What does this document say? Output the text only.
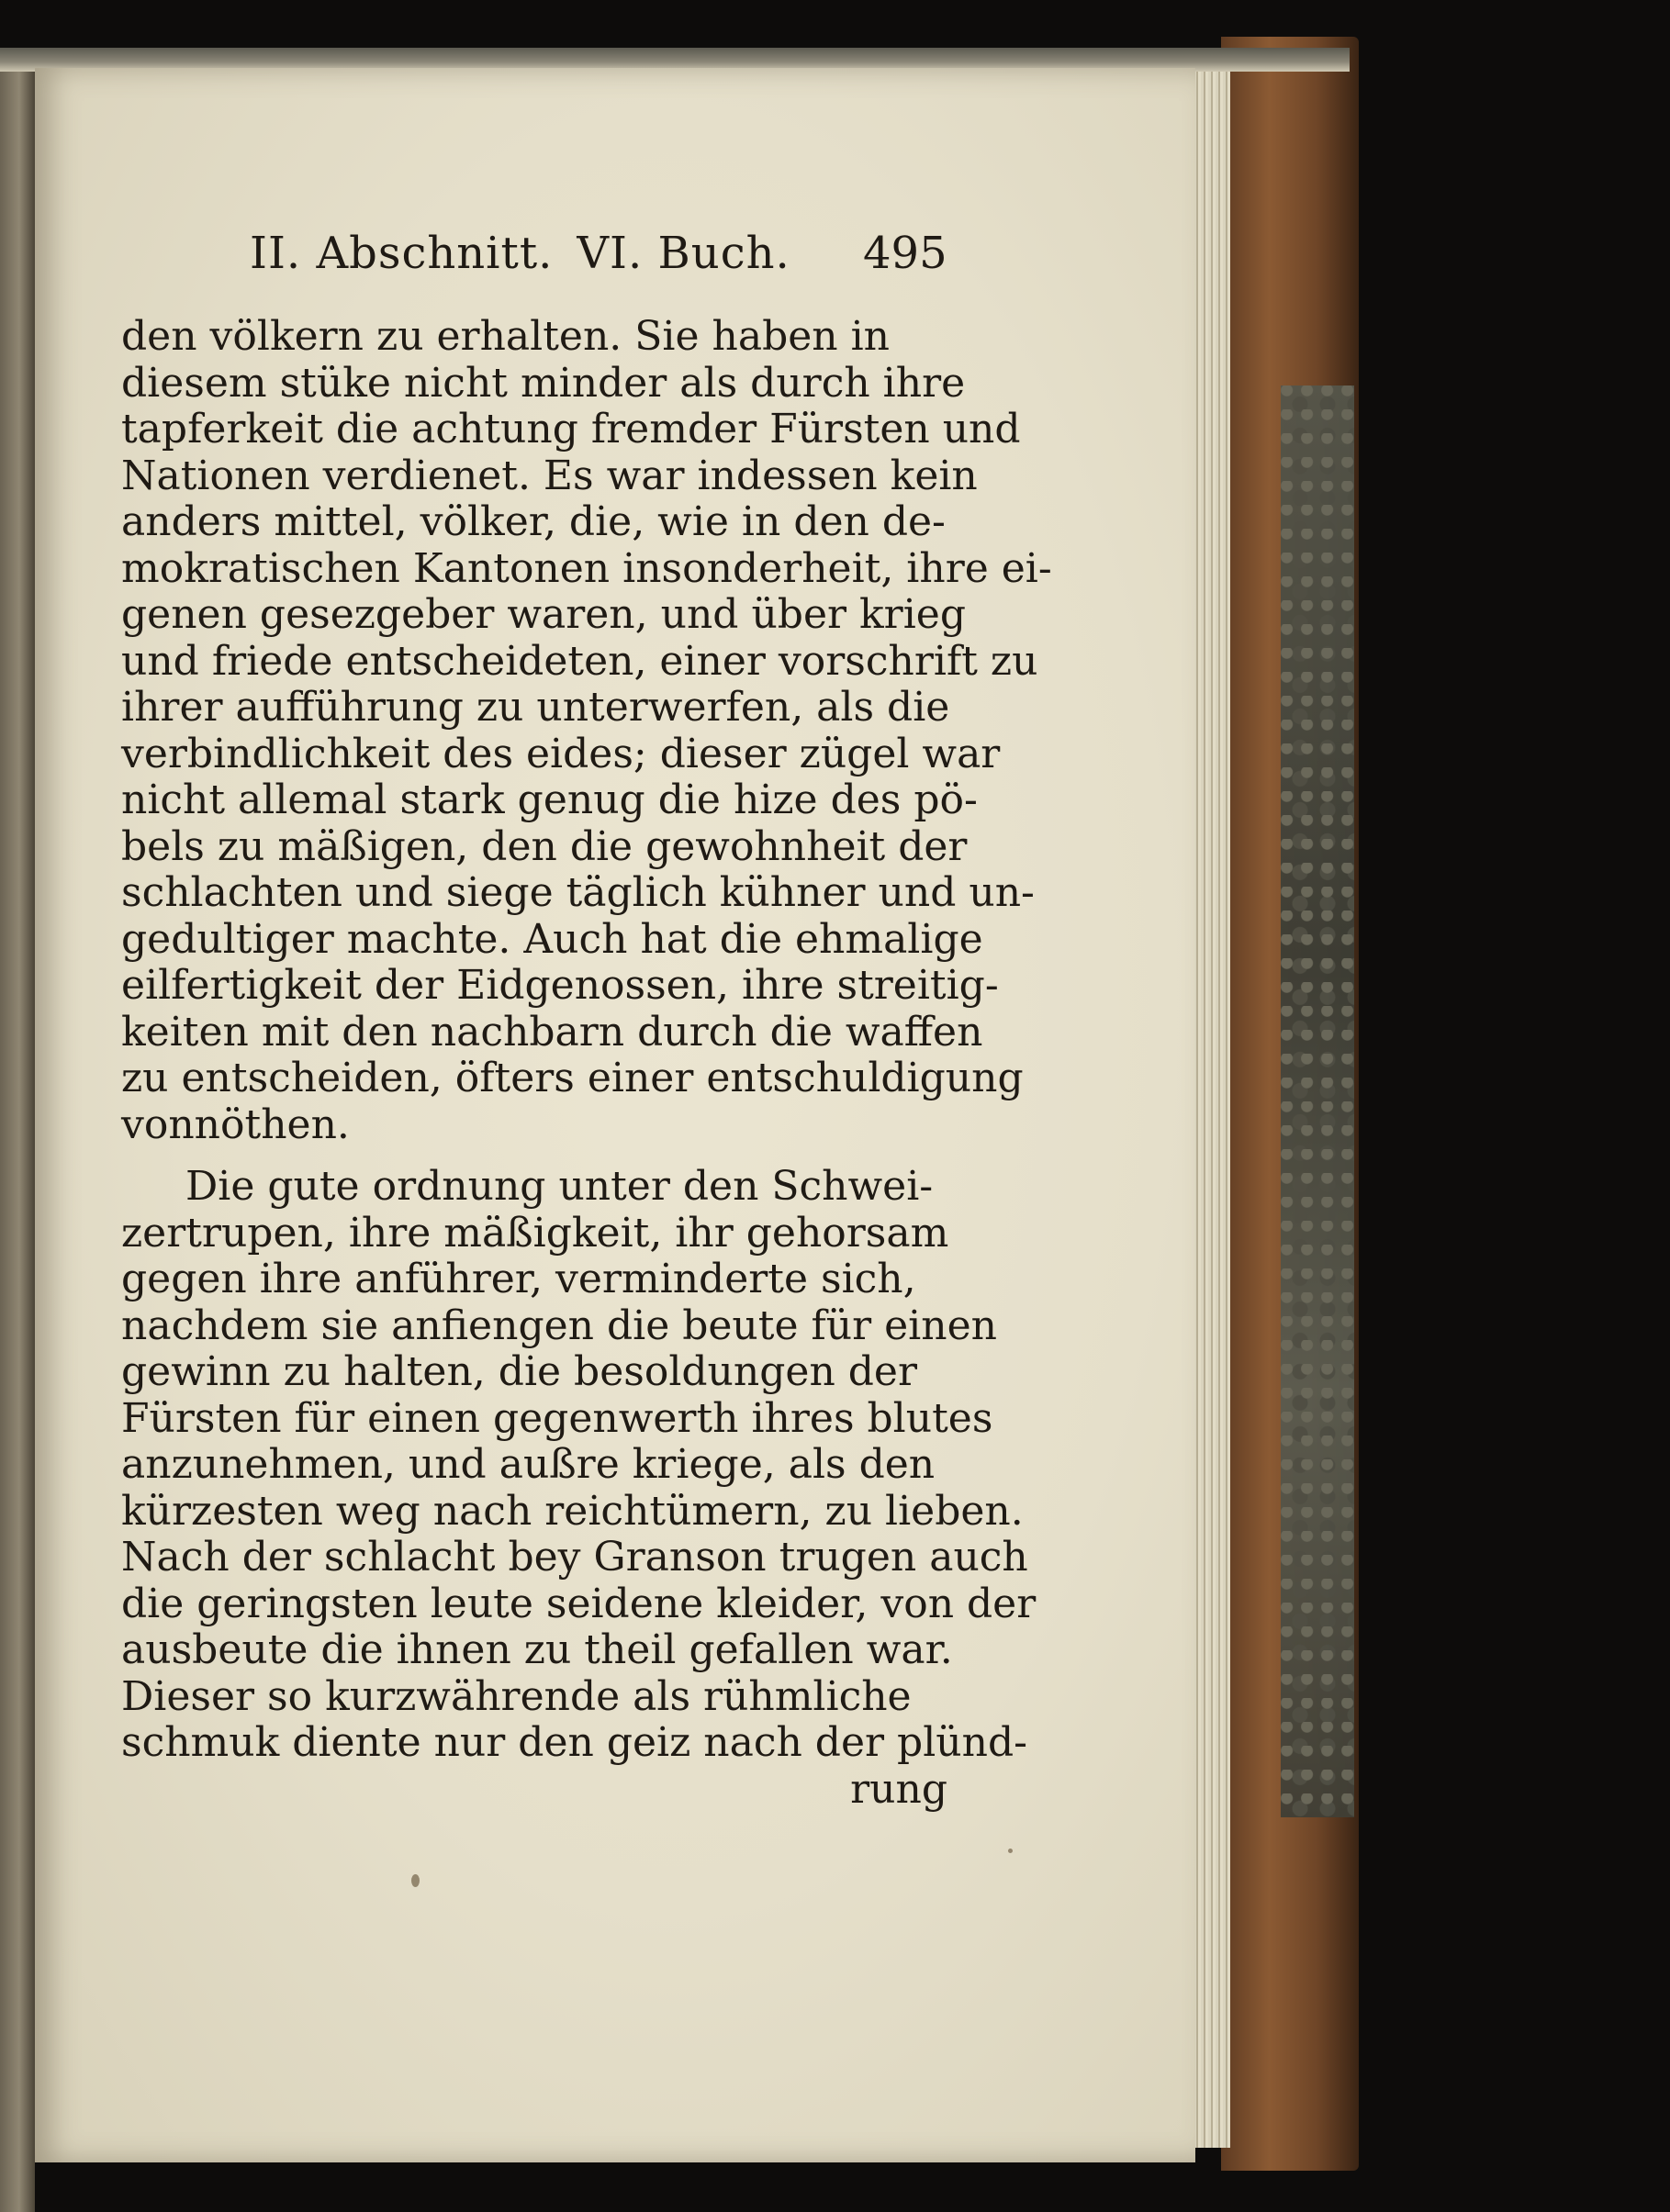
II. Abschnitt. VI. Buch.	495
den völkern zu erhalten. Sie haben in
diesem stüke nicht minder als durch ihre
tapferkeit die achtung fremder Fürsten und
Nationen verdienet. Es war indessen kein
anders mittel, völker, die, wie in den de-
mokratischen Kantonen insonderheit, ihre ei-
genen gesezgeber waren, und über krieg
und friede entscheideten, einer vorschrift zu
ihrer aufführung zu unterwerfen, als die
verbindlichkeit des eides; dieser zügel war
nicht allemal stark genug die hize des pö-
bels zu mäßigen, den die gewohnheit der
schlachten und siege täglich kühner und un-
gedultiger machte. Auch hat die ehmalige
eilfertigkeit der Eidgenossen, ihre streitig-
keiten mit den nachbarn durch die waffen
zu entscheiden, öfters einer entschuldigung
vonnöthen.
Die gute ordnung unter den Schwei-
zertrupen, ihre mäßigkeit, ihr gehorsam
gegen ihre anführer, verminderte sich,
nachdem sie anfiengen die beute für einen
gewinn zu halten, die besoldungen der
Fürsten für einen gegenwerth ihres blutes
anzunehmen, und außre kriege, als den
kürzesten weg nach reichtümern, zu lieben.
Nach der schlacht bey Granson trugen auch
die geringsten leute seidene kleider, von der
ausbeute die ihnen zu theil gefallen war.
Dieser so kurzwährende als rühmliche
schmuk diente nur den geiz nach der plünd-
rung
